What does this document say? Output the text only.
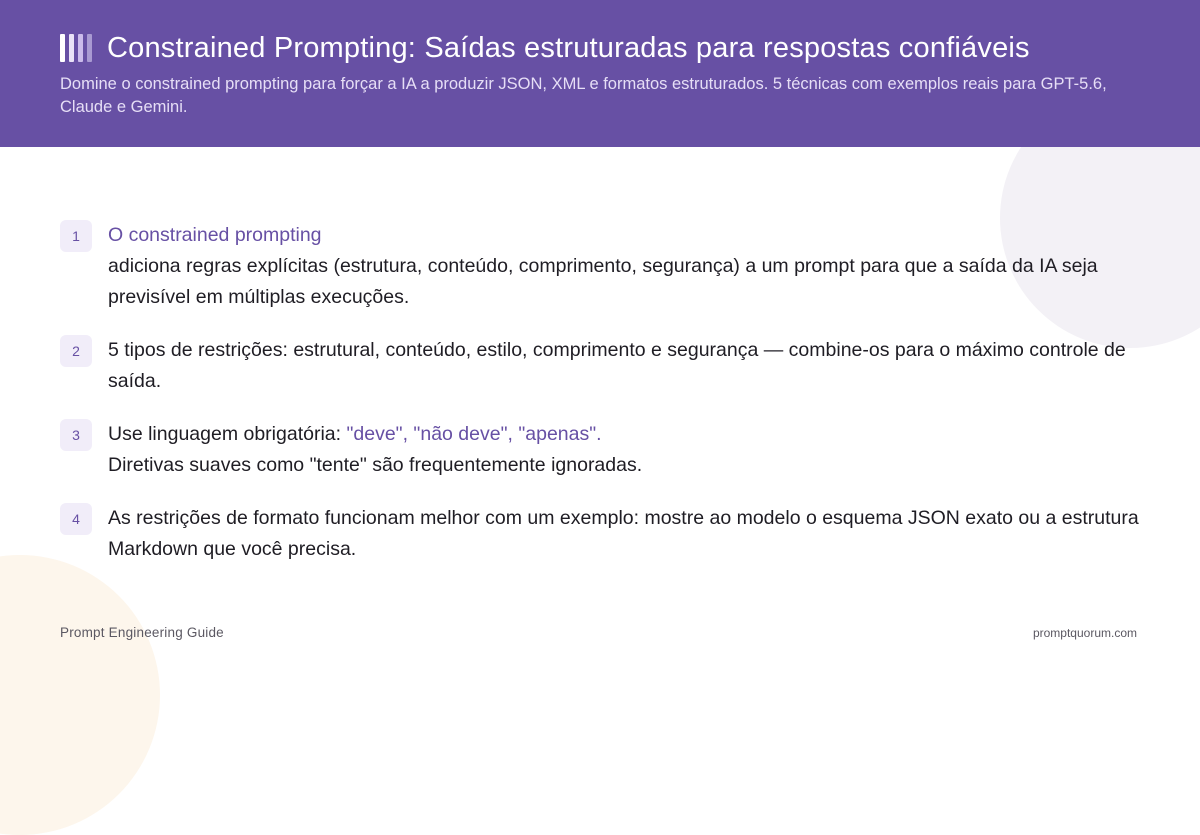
Constrained Prompting: Saídas estruturadas para respostas confiáveis
Domine o constrained prompting para forçar a IA a produzir JSON, XML e formatos estruturados. 5 técnicas com exemplos reais para GPT-5.6, Claude e Gemini.
1	O constrained prompting
adiciona regras explícitas (estrutura, conteúdo, comprimento, segurança) a um prompt para que a saída da IA seja previsível em múltiplas execuções.
2	5 tipos de restrições: estrutural, conteúdo, estilo, comprimento e segurança — combine-os para o máximo controle de saída.
3	Use linguagem obrigatória: "deve", "não deve", "apenas".
Diretivas suaves como "tente" são frequentemente ignoradas.
4	As restrições de formato funcionam melhor com um exemplo: mostre ao modelo o esquema JSON exato ou a estrutura Markdown que você precisa.
Prompt Engineering Guide	promptquorum.com
